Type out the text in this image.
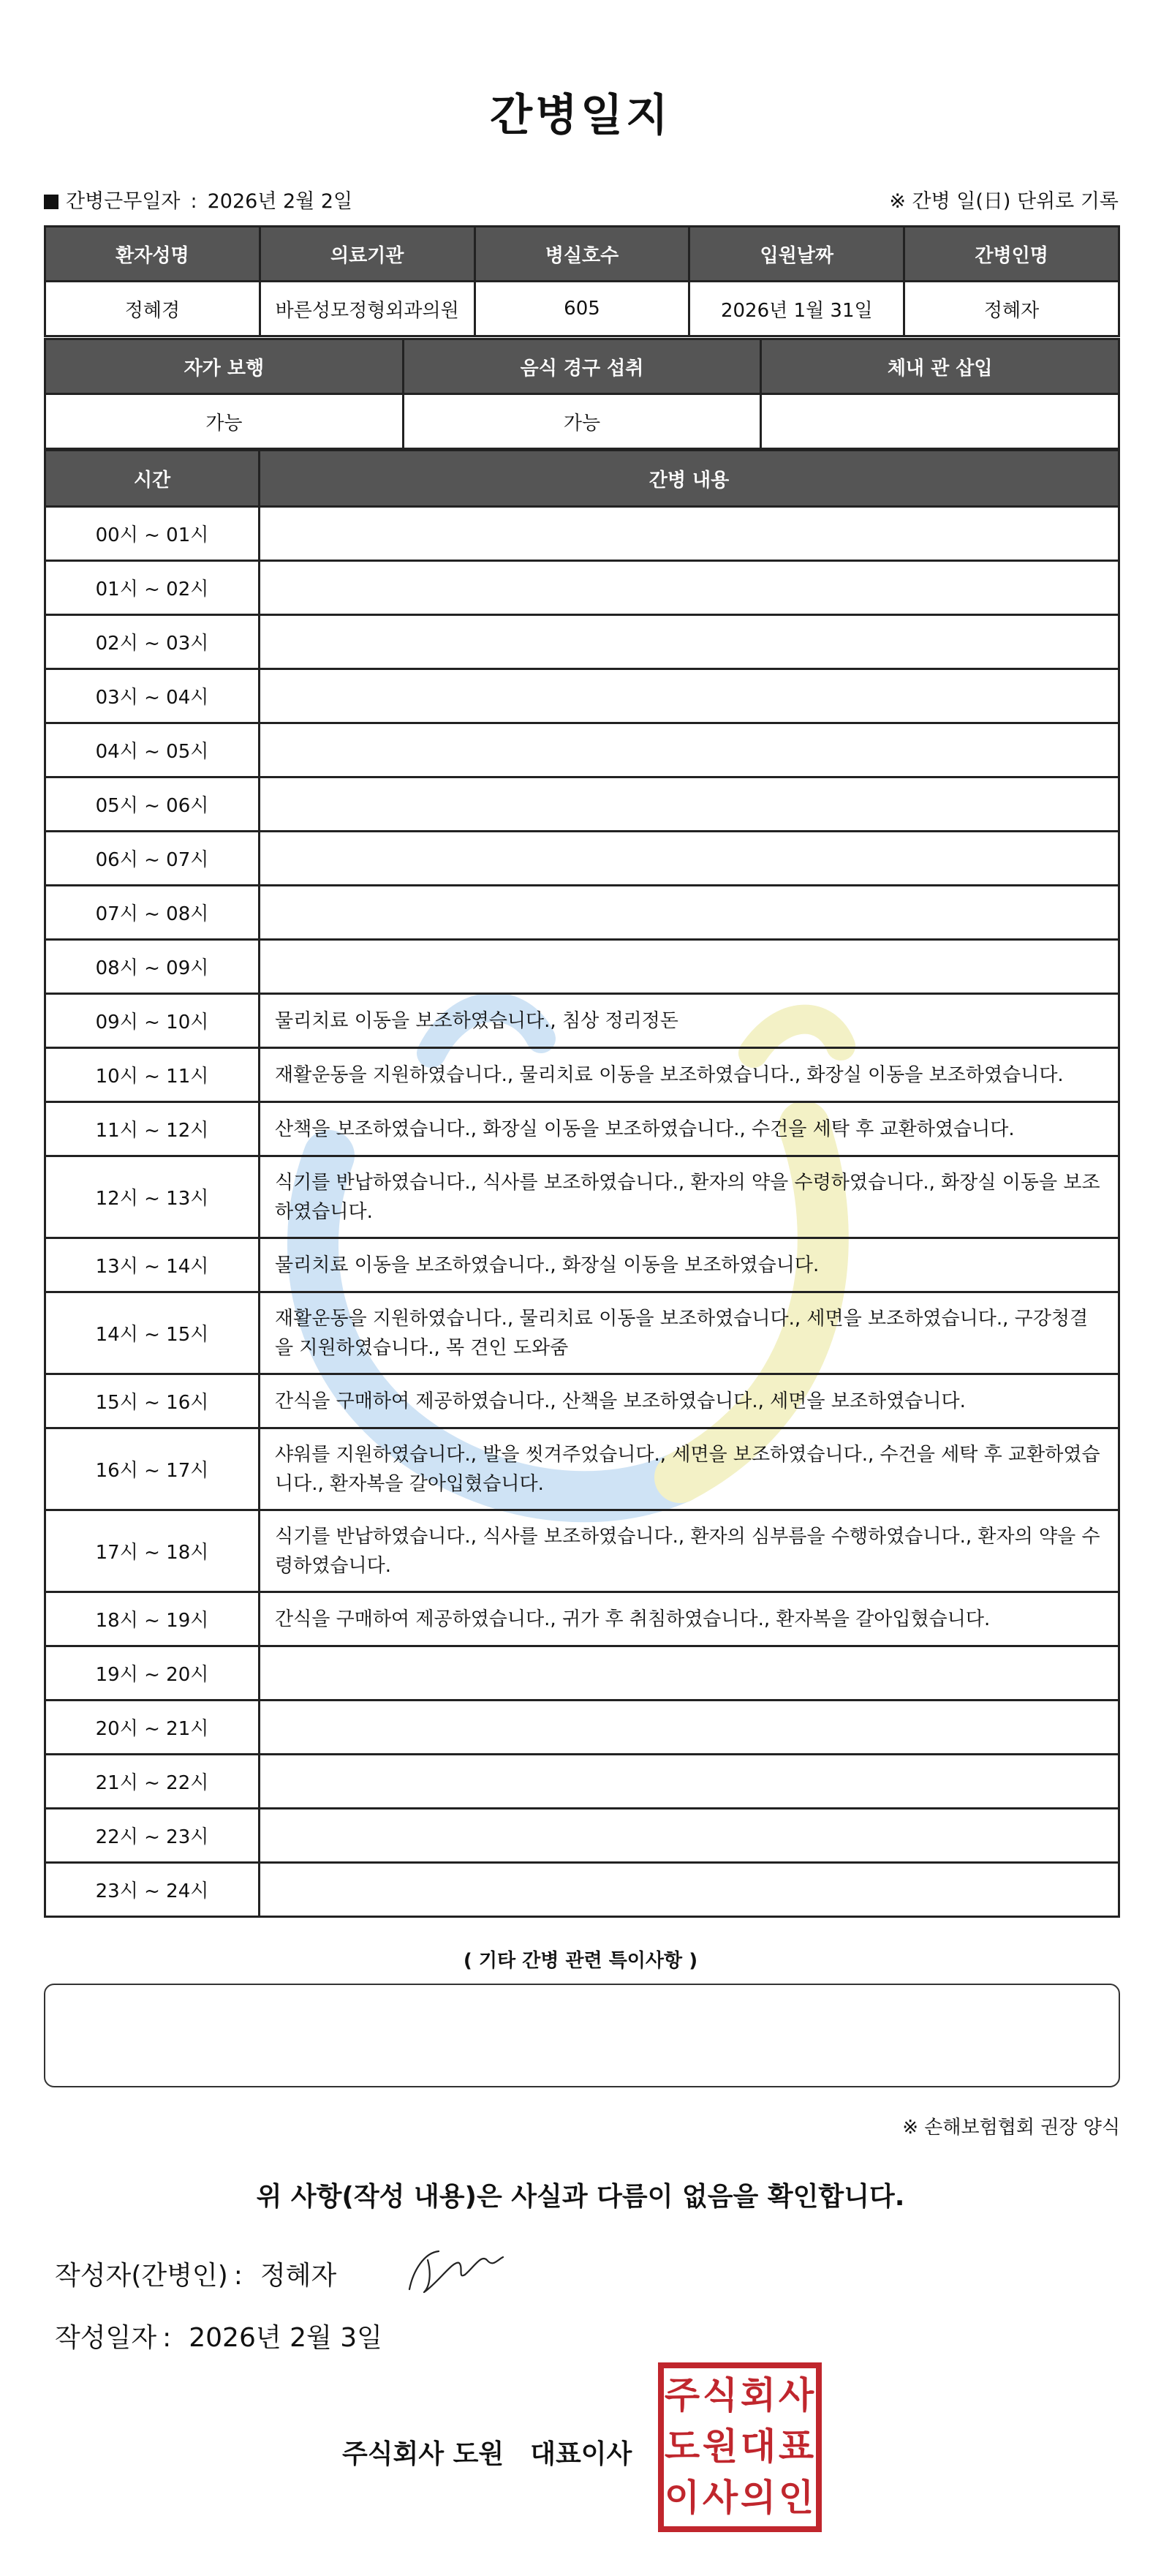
간병일지
간병근무일자 : 2026년 2월 2일	※ 간병 일(日) 단위로 기록
환자성명	의료기관	병실호수	입원날짜	간병인명
정혜경	바른성모정형외과의원	605	2026년 1월 31일	정혜자
자가 보행	음식 경구 섭취	체내 관 삽입
가능	가능	
시간	간병 내용
00시 ~ 01시	
01시 ~ 02시	
02시 ~ 03시	
03시 ~ 04시	
04시 ~ 05시	
05시 ~ 06시	
06시 ~ 07시	
07시 ~ 08시	
08시 ~ 09시	
09시 ~ 10시	물리치료 이동을 보조하였습니다., 침상 정리정돈
10시 ~ 11시	재활운동을 지원하였습니다., 물리치료 이동을 보조하였습니다., 화장실 이동을 보조하였습니다.
11시 ~ 12시	산책을 보조하였습니다., 화장실 이동을 보조하였습니다., 수건을 세탁 후 교환하였습니다.
12시 ~ 13시	식기를 반납하였습니다., 식사를 보조하였습니다., 환자의 약을 수령하였습니다., 화장실 이동을 보조하였습니다.
13시 ~ 14시	물리치료 이동을 보조하였습니다., 화장실 이동을 보조하였습니다.
14시 ~ 15시	재활운동을 지원하였습니다., 물리치료 이동을 보조하였습니다., 세면을 보조하였습니다., 구강청결을 지원하였습니다., 목 견인 도와줌
15시 ~ 16시	간식을 구매하여 제공하였습니다., 산책을 보조하였습니다., 세면을 보조하였습니다.
16시 ~ 17시	샤워를 지원하였습니다., 발을 씻겨주었습니다., 세면을 보조하였습니다., 수건을 세탁 후 교환하였습니다., 환자복을 갈아입혔습니다.
17시 ~ 18시	식기를 반납하였습니다., 식사를 보조하였습니다., 환자의 심부름을 수행하였습니다., 환자의 약을 수령하였습니다.
18시 ~ 19시	간식을 구매하여 제공하였습니다., 귀가 후 취침하였습니다., 환자복을 갈아입혔습니다.
19시 ~ 20시	
20시 ~ 21시	
21시 ~ 22시	
22시 ~ 23시	
23시 ~ 24시	
( 기타 간병 관련 특이사항 )
※ 손해보험협회 권장 양식
위 사항(작성 내용)은 사실과 다름이 없음을 확인합니다.
작성자(간병인) : 정혜자
작성일자 : 2026년 2월 3일
주식회사 도원 대표이사
주 식 회 사
도 원 대 표
이 사 의 인
